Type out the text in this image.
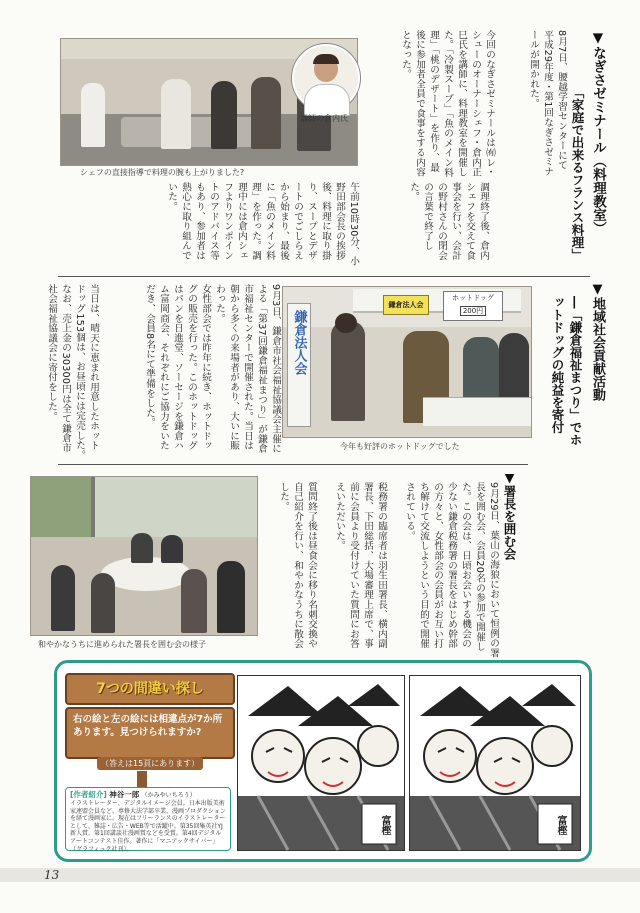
講師の倉内氏
シェフの直接指導で料理の腕も上がりました?	▼なぎさゼミナール（料理教室）
「家庭で出来るフランス料理」
8月7日、腰越学習センターにて平成29年度・第1回なぎさゼミナールが開かれた。
今回のなぎさゼミナールは㈲レ・シューのオーナーシェフ・倉内正巳氏を講師に、料理教室を開催した。「冷製スープ」「魚のメイン料理」「桃のデザート」を作り、最後に参加者全員で食事をする内容となった。
午前10時30分、小野田部会長の挨拶後、料理に取り掛り、スープとデザートのでごしらえから始まり、最後に「魚のメイン料理」を作った。調理中には倉内シェフよりワンポイントのアドバイス等もあり、参加者は熱心に取り組んでいた。	調理終了後、倉内シェフを交えて食事会を行い、会計の野村さんの閉会の言葉で終了した。
▼地域社会貢献活動
―「鎌倉福祉まつり」でホットドッグの純益を寄付
ホットドッグ
200円
鎌倉法人会
鎌倉法人会
今年も好評のホットドッグでした
9月3日、鎌倉市社会福祉協議会主催による「第37回鎌倉福祉まつり」が鎌倉市福祉センターで開催された。当日は朝から多くの来場者があり、大いに賑わった。
女性部会では昨年に続き、ホットドッグの販売を行った。このホットドッグはパンを日進堂、ソーセージを鎌倉ハム富岡商会、それぞれにご協力をいただき、会員8名にて準備をした。
当日は、晴天に恵まれ用意したホットドッグ153個は、お昼頃には完売した。なお、売上金の30300円は全て鎌倉市社会福祉協議会に寄付をした。
▼署長を囲む会
9月29日、葉山の海狼において恒例の署長を囲む会、会員20名の参加で開催した。この会は、日頃お会いする機会の少ない鎌倉税務署の署長をはじめ幹部の方々と、女性部会の会員がお互い打ち解けて交流しようという目的で開催されている。
税務署の臨席者は羽生田署長、横内副署長、下田総括、大場審理上席で、事前に会員より受付けていた質問にお答えいただいた。
質問終了後は昼食会に移り名刺交換や自己紹介を行い、和やかなうちに散会した。
和やかなうちに進められた署長を囲む会の様子
7つの間違い探し
右の絵と左の絵には相違点が7か所あります。見つけられますか?
（答えは15頁にあります）
[作者紹介] 神谷一郎 （かみやいちろう）
イラストレーター、デジタルイメージ会員。日本出版美術家連盟会員など。専修大法学部卒業、漫画プロダクションを経て漫画家に。現在はフリーランスのイラストレーターとして、雑誌・広告・WEB等で活躍中。第35回集英社YJ新人賞、第1回講談社漫画賞などを受賞。第4回デジタルアートコンテスト佳作。著作に「マニアックサイバー」（グラフィック社刊）。
富樫	富樫
13
